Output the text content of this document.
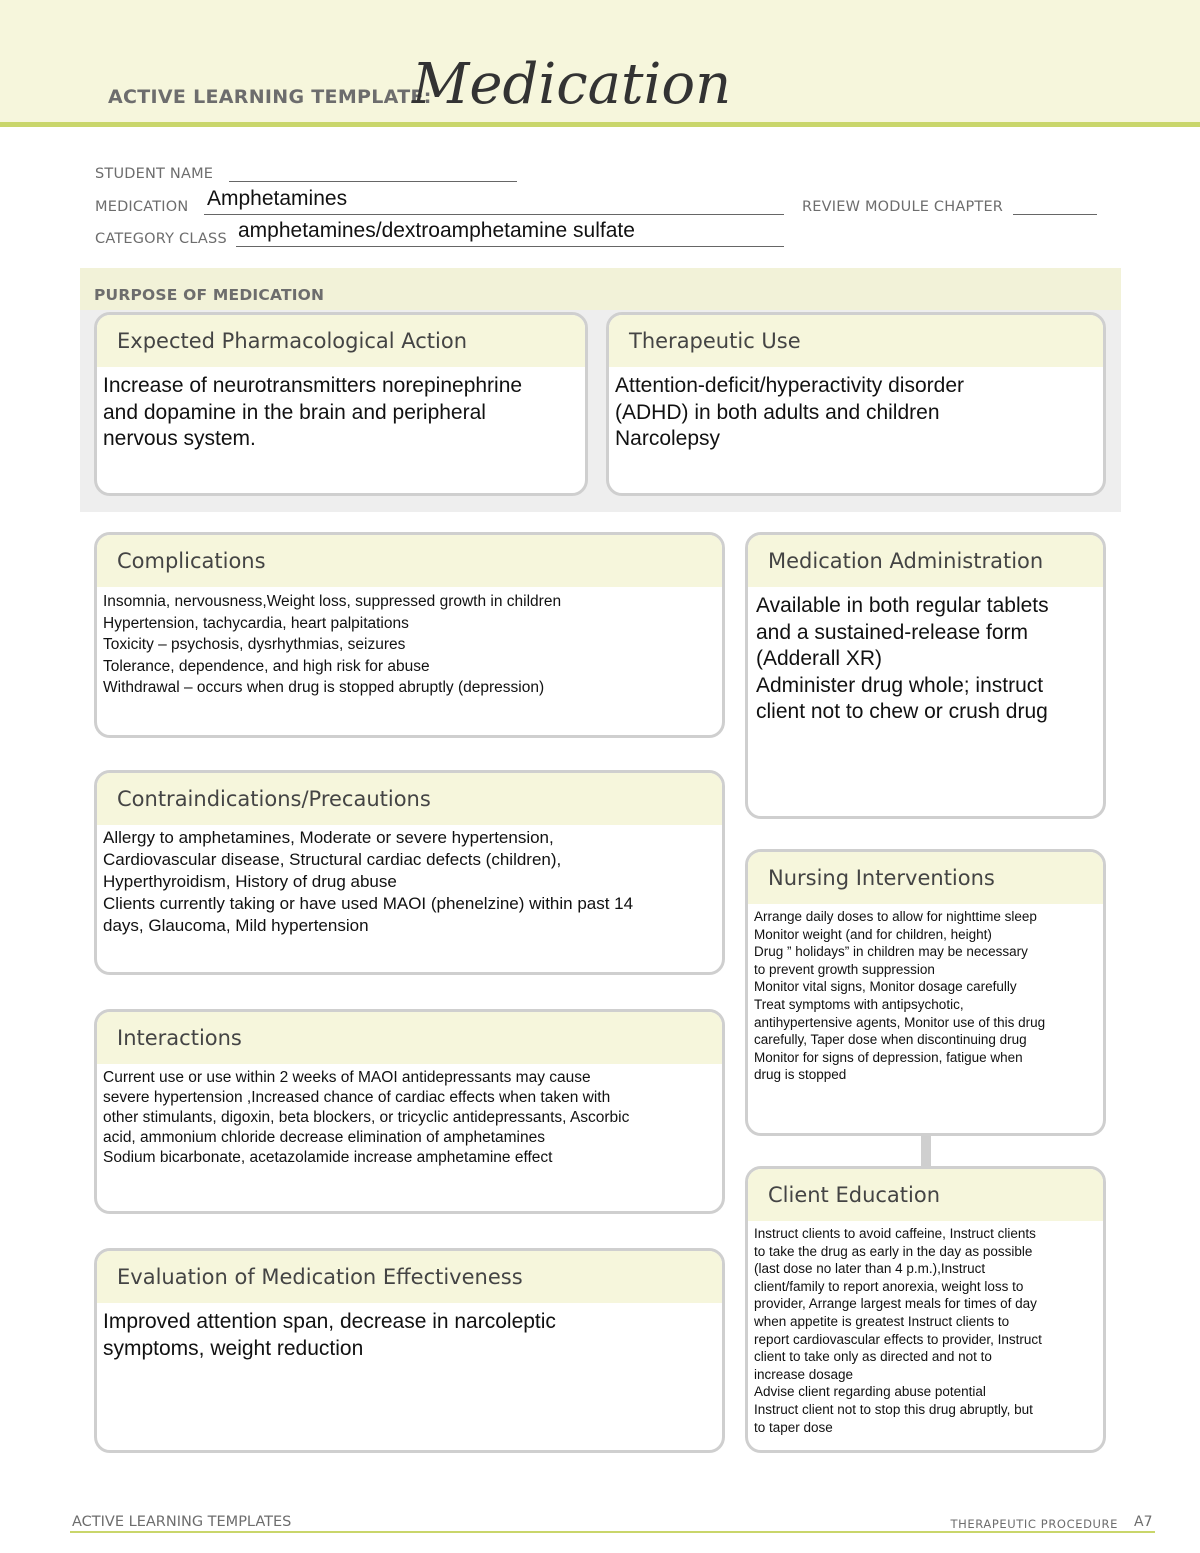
ACTIVE LEARNING TEMPLATE:
Medication
STUDENT NAME
MEDICATION Amphetamines	REVIEW MODULE CHAPTER
CATEGORY CLASS amphetamines/dextroamphetamine sulfate
PURPOSE OF MEDICATION
Expected Pharmacological Action
Increase of neurotransmitters norepinephrine
and dopamine in the brain and peripheral
nervous system.
Therapeutic Use
Attention-deficit/hyperactivity disorder
(ADHD) in both adults and children
Narcolepsy
Complications
Insomnia, nervousness,Weight loss, suppressed growth in children
Hypertension, tachycardia, heart palpitations
Toxicity – psychosis, dysrhythmias, seizures
Tolerance, dependence, and high risk for abuse
Withdrawal – occurs when drug is stopped abruptly (depression)
Contraindications/Precautions
Allergy to amphetamines, Moderate or severe hypertension,
Cardiovascular disease, Structural cardiac defects (children),
Hyperthyroidism, History of drug abuse
Clients currently taking or have used MAOI (phenelzine) within past 14
days, Glaucoma, Mild hypertension
Interactions
Current use or use within 2 weeks of MAOI antidepressants may cause
severe hypertension ,Increased chance of cardiac effects when taken with
other stimulants, digoxin, beta blockers, or tricyclic antidepressants, Ascorbic
acid, ammonium chloride decrease elimination of amphetamines
Sodium bicarbonate, acetazolamide increase amphetamine effect
Evaluation of Medication Effectiveness
Improved attention span, decrease in narcoleptic
symptoms, weight reduction
Medication Administration
Available in both regular tablets
and a sustained-release form
(Adderall XR)
Administer drug whole; instruct
client not to chew or crush drug
Nursing Interventions
Arrange daily doses to allow for nighttime sleep
Monitor weight (and for children, height)
Drug ” holidays” in children may be necessary
to prevent growth suppression
Monitor vital signs, Monitor dosage carefully
Treat symptoms with antipsychotic,
antihypertensive agents, Monitor use of this drug
carefully, Taper dose when discontinuing drug
Monitor for signs of depression, fatigue when
drug is stopped
Client Education
Instruct clients to avoid caffeine, Instruct clients
to take the drug as early in the day as possible
(last dose no later than 4 p.m.),Instruct
client/family to report anorexia, weight loss to
provider, Arrange largest meals for times of day
when appetite is greatest Instruct clients to
report cardiovascular effects to provider, Instruct
client to take only as directed and not to
increase dosage
Advise client regarding abuse potential
Instruct client not to stop this drug abruptly, but
to taper dose
ACTIVE LEARNING TEMPLATES	THERAPEUTIC PROCEDURE A7
